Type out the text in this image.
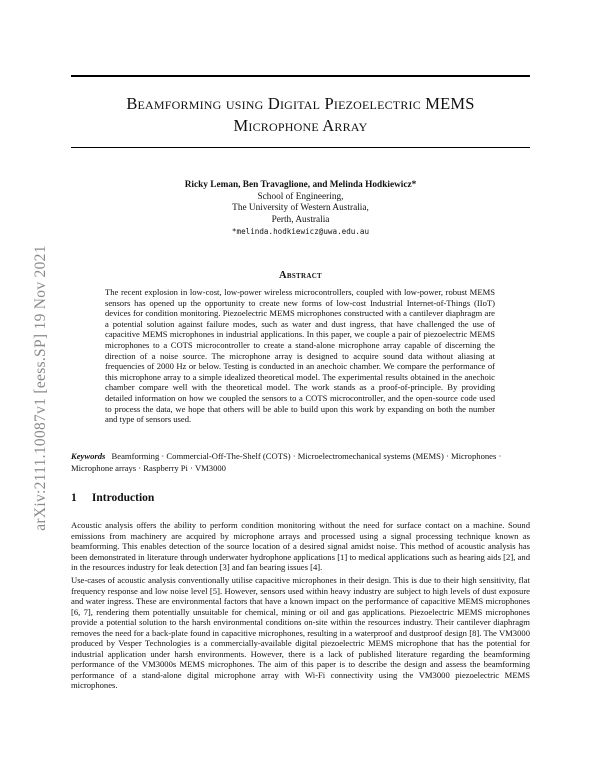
arXiv:2111.10087v1 [eess.SP] 19 Nov 2021
Beamforming using Digital Piezoelectric MEMS
Microphone Array
Ricky Leman, Ben Travaglione, and Melinda Hodkiewicz*
School of Engineering,
The University of Western Australia,
Perth, Australia
*melinda.hodkiewicz@uwa.edu.au
Abstract
The recent explosion in low-cost, low-power wireless microcontrollers, coupled with low-power, robust MEMS sensors has opened up the opportunity to create new forms of low-cost Industrial Internet-of-Things (IIoT) devices for condition monitoring. Piezoelectric MEMS microphones constructed with a cantilever diaphragm are a potential solution against failure modes, such as water and dust ingress, that have challenged the use of capacitive MEMS microphones in industrial applications. In this paper, we couple a pair of piezoelectric MEMS microphones to a COTS microcontroller to create a stand-alone microphone array capable of discerning the direction of a noise source. The microphone array is designed to acquire sound data without aliasing at frequencies of 2000 Hz or below. Testing is conducted in an anechoic chamber. We compare the performance of this microphone array to a simple idealized theoretical model. The experimental results obtained in the anechoic chamber compare well with the theoretical model. The work stands as a proof-of-principle. By providing detailed information on how we coupled the sensors to a COTS microcontroller, and the open-source code used to process the data, we hope that others will be able to build upon this work by expanding on both the number and type of sensors used.
Keywords Beamforming · Commercial-Off-The-Shelf (COTS) · Microelectromechanical systems (MEMS) · Microphones · Microphone arrays · Raspberry Pi · VM3000
1 Introduction
Acoustic analysis offers the ability to perform condition monitoring without the need for surface contact on a machine. Sound emissions from machinery are acquired by microphone arrays and processed using a signal processing technique known as beamforming. This enables detection of the source location of a desired signal amidst noise. This method of acoustic analysis has been demonstrated in literature through underwater hydrophone applications [1] to medical applications such as hearing aids [2], and in the resources industry for leak detection [3] and fan bearing issues [4].
Use-cases of acoustic analysis conventionally utilise capacitive microphones in their design. This is due to their high sensitivity, flat frequency response and low noise level [5]. However, sensors used within heavy industry are subject to high levels of dust exposure and water ingress. These are environmental factors that have a known impact on the performance of capacitive MEMS microphones [6, 7], rendering them potentially unsuitable for chemical, mining or oil and gas applications. Piezoelectric MEMS microphones provide a potential solution to the harsh environmental conditions on-site within the resources industry. Their cantilever diaphragm removes the need for a back-plate found in capacitive microphones, resulting in a waterproof and dustproof design [8]. The VM3000 produced by Vesper Technologies is a commercially-available digital piezoelectric MEMS microphone that has the potential for industrial application under harsh environments. However, there is a lack of published literature regarding the beamforming performance of the VM3000s MEMS microphones. The aim of this paper is to describe the design and assess the beamforming performance of a stand-alone digital microphone array with Wi-Fi connectivity using the VM3000 piezoelectric MEMS microphones.
